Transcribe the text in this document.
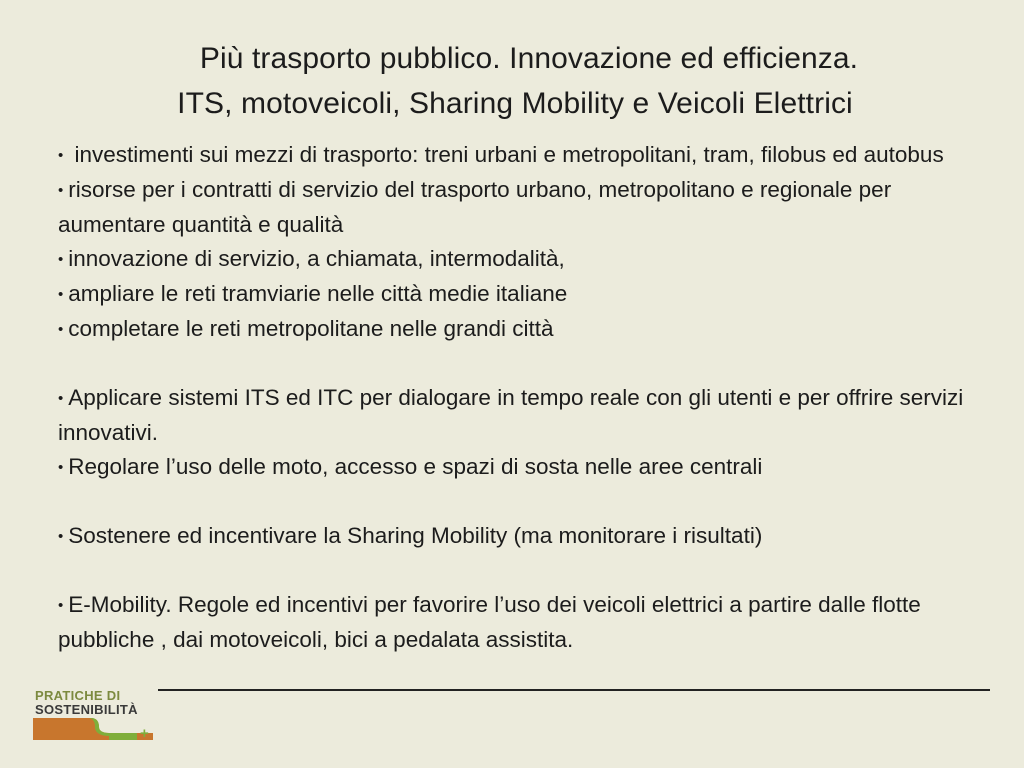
Più trasporto pubblico. Innovazione ed efficienza.
ITS, motoveicoli, Sharing Mobility e Veicoli Elettrici
• investimenti sui mezzi di trasporto: treni urbani e metropolitani, tram, filobus ed autobus
• risorse per i contratti di servizio del trasporto urbano, metropolitano e regionale per aumentare quantità e qualità
• innovazione di servizio, a chiamata, intermodalità,
• ampliare le reti tramviarie nelle città medie italiane
• completare le reti metropolitane nelle grandi città
• Applicare sistemi ITS ed ITC per dialogare in tempo reale con gli utenti e per offrire servizi innovativi.
• Regolare l’uso delle moto, accesso e spazi di sosta nelle aree centrali
• Sostenere ed incentivare la Sharing Mobility (ma monitorare i risultati)
• E-Mobility. Regole ed incentivi per favorire l’uso dei veicoli elettrici a partire dalle flotte pubbliche , dai motoveicoli, bici a pedalata assistita.
PRATICHE DI
SOSTENIBILITÀ
+
